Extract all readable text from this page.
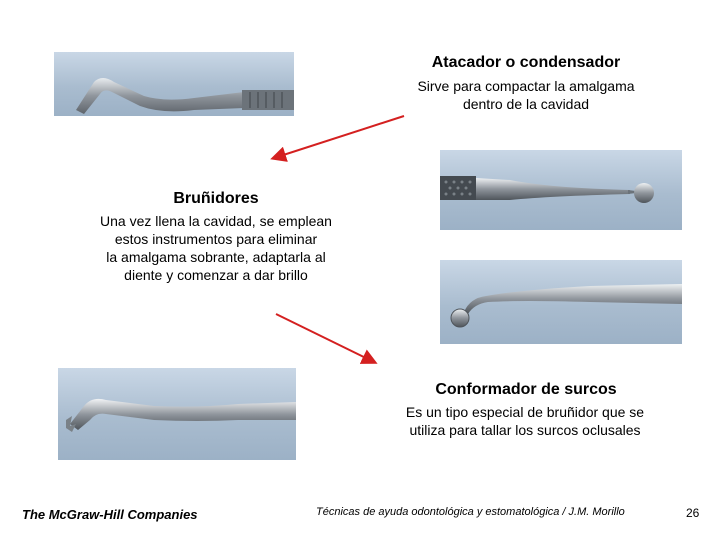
Atacador o condensador
Sirve para compactar la amalgama
dentro de la cavidad
Bruñidores
Una vez llena la cavidad, se emplean
estos instrumentos para eliminar
la amalgama sobrante, adaptarla al
diente y comenzar a dar brillo
Conformador de surcos
Es un tipo especial de bruñidor que se
utiliza para tallar los surcos oclusales
The McGraw-Hill Companies	Técnicas de ayuda odontológica y estomatológica / J.M. Morillo	26
